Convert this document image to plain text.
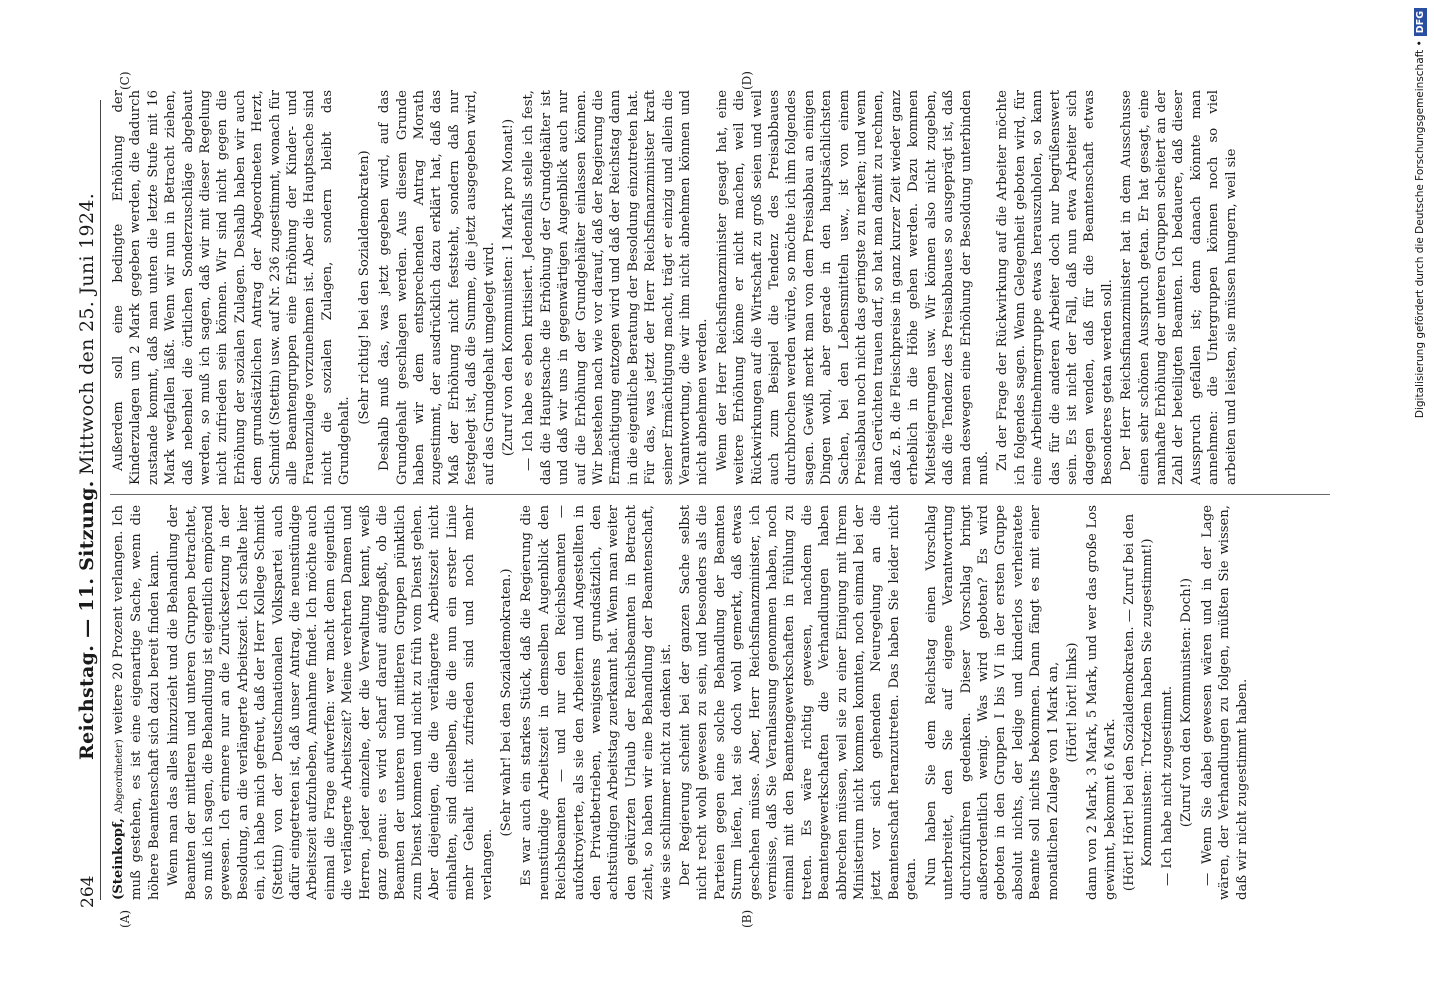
264
Reichstag. — 11. Sitzung.
Mittwoch den 25. Juni 1924.
(A)	(B)
(C)	(D)

(Steinkopf, Abgeordneter) weitere 20 Prozent verlangen. Ich muß gestehen, es ist eine eigenartige Sache, wenn die höhere Beamtenschaft sich dazu bereit finden kann. Wenn man das alles hinzuzieht und die Behandlung der Beamten der mittleren und unteren Gruppen betrachtet, so muß ich sagen, die Behandlung ist eigentlich empörend gewesen. Ich erinnere nur an die Zurücksetzung in der Besoldung, an die verlängerte Arbeitszeit. Ich schalte hier ein, ich habe mich gefreut, daß der Herr Kollege Schmidt (Stettin) von der Deutschnationalen Volkspartei auch dafür eingetreten ist, daß unser Antrag, die neunstündige Arbeitszeit aufzuheben, Annahme findet. Ich möchte auch einmal die Frage aufwerfen: wer macht denn eigentlich die verlängerte Arbeitszeit? Meine verehrten Damen und Herren, jeder einzelne, der die Verwaltung kennt, weiß ganz genau: es wird scharf darauf aufgepaßt, ob die Beamten der unteren und mittleren Gruppen pünktlich zum Dienst kommen und nicht zu früh vom Dienst gehen. Aber diejenigen, die die verlängerte Arbeitszeit nicht einhalten, sind dieselben, die die nun ein erster Linie mehr Gehalt nicht zufrieden sind und noch mehr verlangen.

(Sehr wahr! bei den Sozialdemokraten.) Es war auch ein starkes Stück, daß die Regierung die neunstündige Arbeitszeit in demselben Augenblick den Reichsbeamten — und nur den Reichsbeamten — aufoktroyierte, als sie den Arbeitern und Angestellten in den Privatbetrieben, wenigstens grundsätzlich, den achtstündigen Arbeitstag zuerkannt hat. Wenn man weiter den gekürzten Urlaub der Reichsbeamten in Betracht zieht, so haben wir eine Behandlung der Beamtenschaft, wie sie schlimmer nicht zu denken ist. Der Regierung scheint bei der ganzen Sache selbst nicht recht wohl gewesen zu sein, und besonders als die Parteien gegen eine solche Behandlung der Beamten Sturm liefen, hat sie doch wohl gemerkt, daß etwas geschehen müsse. Aber, Herr Reichsfinanzminister, ich vermisse, daß Sie Veranlassung genommen haben, noch einmal mit den Beamtengewerkschaften in Fühlung zu treten. Es wäre richtig gewesen, nachdem die Beamtengewerkschaften die Verhandlungen haben abbrechen müssen, weil sie zu einer Einigung mit Ihrem Ministerium nicht kommen konnten, noch einmal bei der jetzt vor sich gehenden Neuregelung an die Beamtenschaft heranzutreten. Das haben Sie leider nicht getan. Nun haben Sie dem Reichstag einen Vorschlag unterbreitet, den Sie auf eigene Verantwortung durchzuführen gedenken. Dieser Vorschlag bringt außerordentlich wenig. Was wird geboten? Es wird geboten in den Gruppen I bis VI in der ersten Gruppe absolut nichts, der ledige und kinderlos verheiratete Beamte soll nichts bekommen. Dann fängt es mit einer monatlichen Zulage von 1 Mark an, (Hört! hört! links) dann von 2 Mark, 3 Mark, 5 Mark, und wer das große Los gewinnt, bekommt 6 Mark. (Hört! Hört! bei den Sozialdemokraten. — Zuruf bei den Kommunisten: Trotzdem haben Sie zugestimmt!) — Ich habe nicht zugestimmt. (Zuruf von den Kommunisten: Doch!) — Wenn Sie dabei gewesen wären und in der Lage wären, der Verhandlungen zu folgen, müßten Sie wissen, daß wir nicht zugestimmt haben.

Außerdem soll eine bedingte Erhöhung der Kinderzulagen um 2 Mark gegeben werden, die dadurch zustande kommt, daß man unten die letzte Stufe mit 16 Mark wegfallen läßt. Wenn wir nun in Betracht ziehen, daß nebenbei die örtlichen Sonderzuschläge abgebaut werden, so muß ich sagen, daß wir mit dieser Regelung nicht zufrieden sein können. Wir sind nicht gegen die Erhöhung der sozialen Zulagen. Deshalb haben wir auch dem grundsätzlichen Antrag der Abgeordneten Herzt, Schmidt (Stettin) usw. auf Nr. 236 zugestimmt, wonach für alle Beamtengruppen eine Erhöhung der Kinder- und Frauenzulage vorzunehmen ist. Aber die Hauptsache sind nicht die sozialen Zulagen, sondern bleibt das Grundgehalt.

(Sehr richtig! bei den Sozialdemokraten) Deshalb muß das, was jetzt gegeben wird, auf das Grundgehalt geschlagen werden. Aus diesem Grunde haben wir dem entsprechenden Antrag Morath zugestimmt, der ausdrücklich dazu erklärt hat, daß das Maß der Erhöhung nicht feststeht, sondern daß nur festgelegt ist, daß die Summe, die jetzt ausgegeben wird, auf das Grundgehalt umgelegt wird. (Zuruf von den Kommunisten: 1 Mark pro Monat!) — Ich habe es eben kritisiert. Jedenfalls stelle ich fest, daß die Hauptsache die Erhöhung der Grundgehälter ist und daß wir uns in gegenwärtigen Augenblick auch nur auf die Erhöhung der Grundgehälter einlassen können. Wir bestehen nach wie vor darauf, daß der Regierung die Ermächtigung entzogen wird und daß der Reichstag dann in die eigentliche Beratung der Besoldung einzutreten hat. Für das, was jetzt der Herr Reichsfinanzminister kraft seiner Ermächtigung macht, trägt er einzig und allein die Verantwortung, die wir ihm nicht abnehmen können und nicht abnehmen werden. Wenn der Herr Reichsfinanzminister gesagt hat, eine weitere Erhöhung könne er nicht machen, weil die Rückwirkungen auf die Wirtschaft zu groß seien und weil auch zum Beispiel die Tendenz des Preisabbaues durchbrochen werden würde, so möchte ich ihm folgendes sagen. Gewiß merkt man von dem Preisabbau an einigen Dingen wohl, aber gerade in den hauptsächlichsten Sachen, bei den Lebensmitteln usw., ist von einem Preisabbau noch nicht das geringste zu merken; und wenn man Gerüchten trauen darf, so hat man damit zu rechnen, daß z. B. die Fleischpreise in ganz kurzer Zeit wieder ganz erheblich in die Höhe gehen werden. Dazu kommen Mietsteigerungen usw. Wir können also nicht zugeben, daß die Tendenz des Preisabbaues so ausgeprägt ist, daß man deswegen eine Erhöhung der Besoldung unterbinden muß. Zu der Frage der Rückwirkung auf die Arbeiter möchte ich folgendes sagen. Wenn Gelegenheit geboten wird, für eine Arbeitnehmergruppe etwas herauszuholen, so kann das für die anderen Arbeiter doch nur begrüßenswert sein. Es ist nicht der Fall, daß nun etwa Arbeiter sich dagegen wenden, daß für die Beamtenschaft etwas Besonderes getan werden soll. Der Herr Reichsfinanzminister hat in dem Ausschusse einen sehr schönen Ausspruch getan. Er hat gesagt, eine namhafte Erhöhung der unteren Gruppen scheitert an der Zahl der beteiligten Beamten. Ich bedauere, daß dieser Ausspruch gefallen ist; denn danach könnte man annehmen: die Untergruppen können noch so viel arbeiten und leisten, sie müssen hungern, weil sie	Digitalisierung gefördert durch die Deutsche Forschungsgemeinschaft •DFG
